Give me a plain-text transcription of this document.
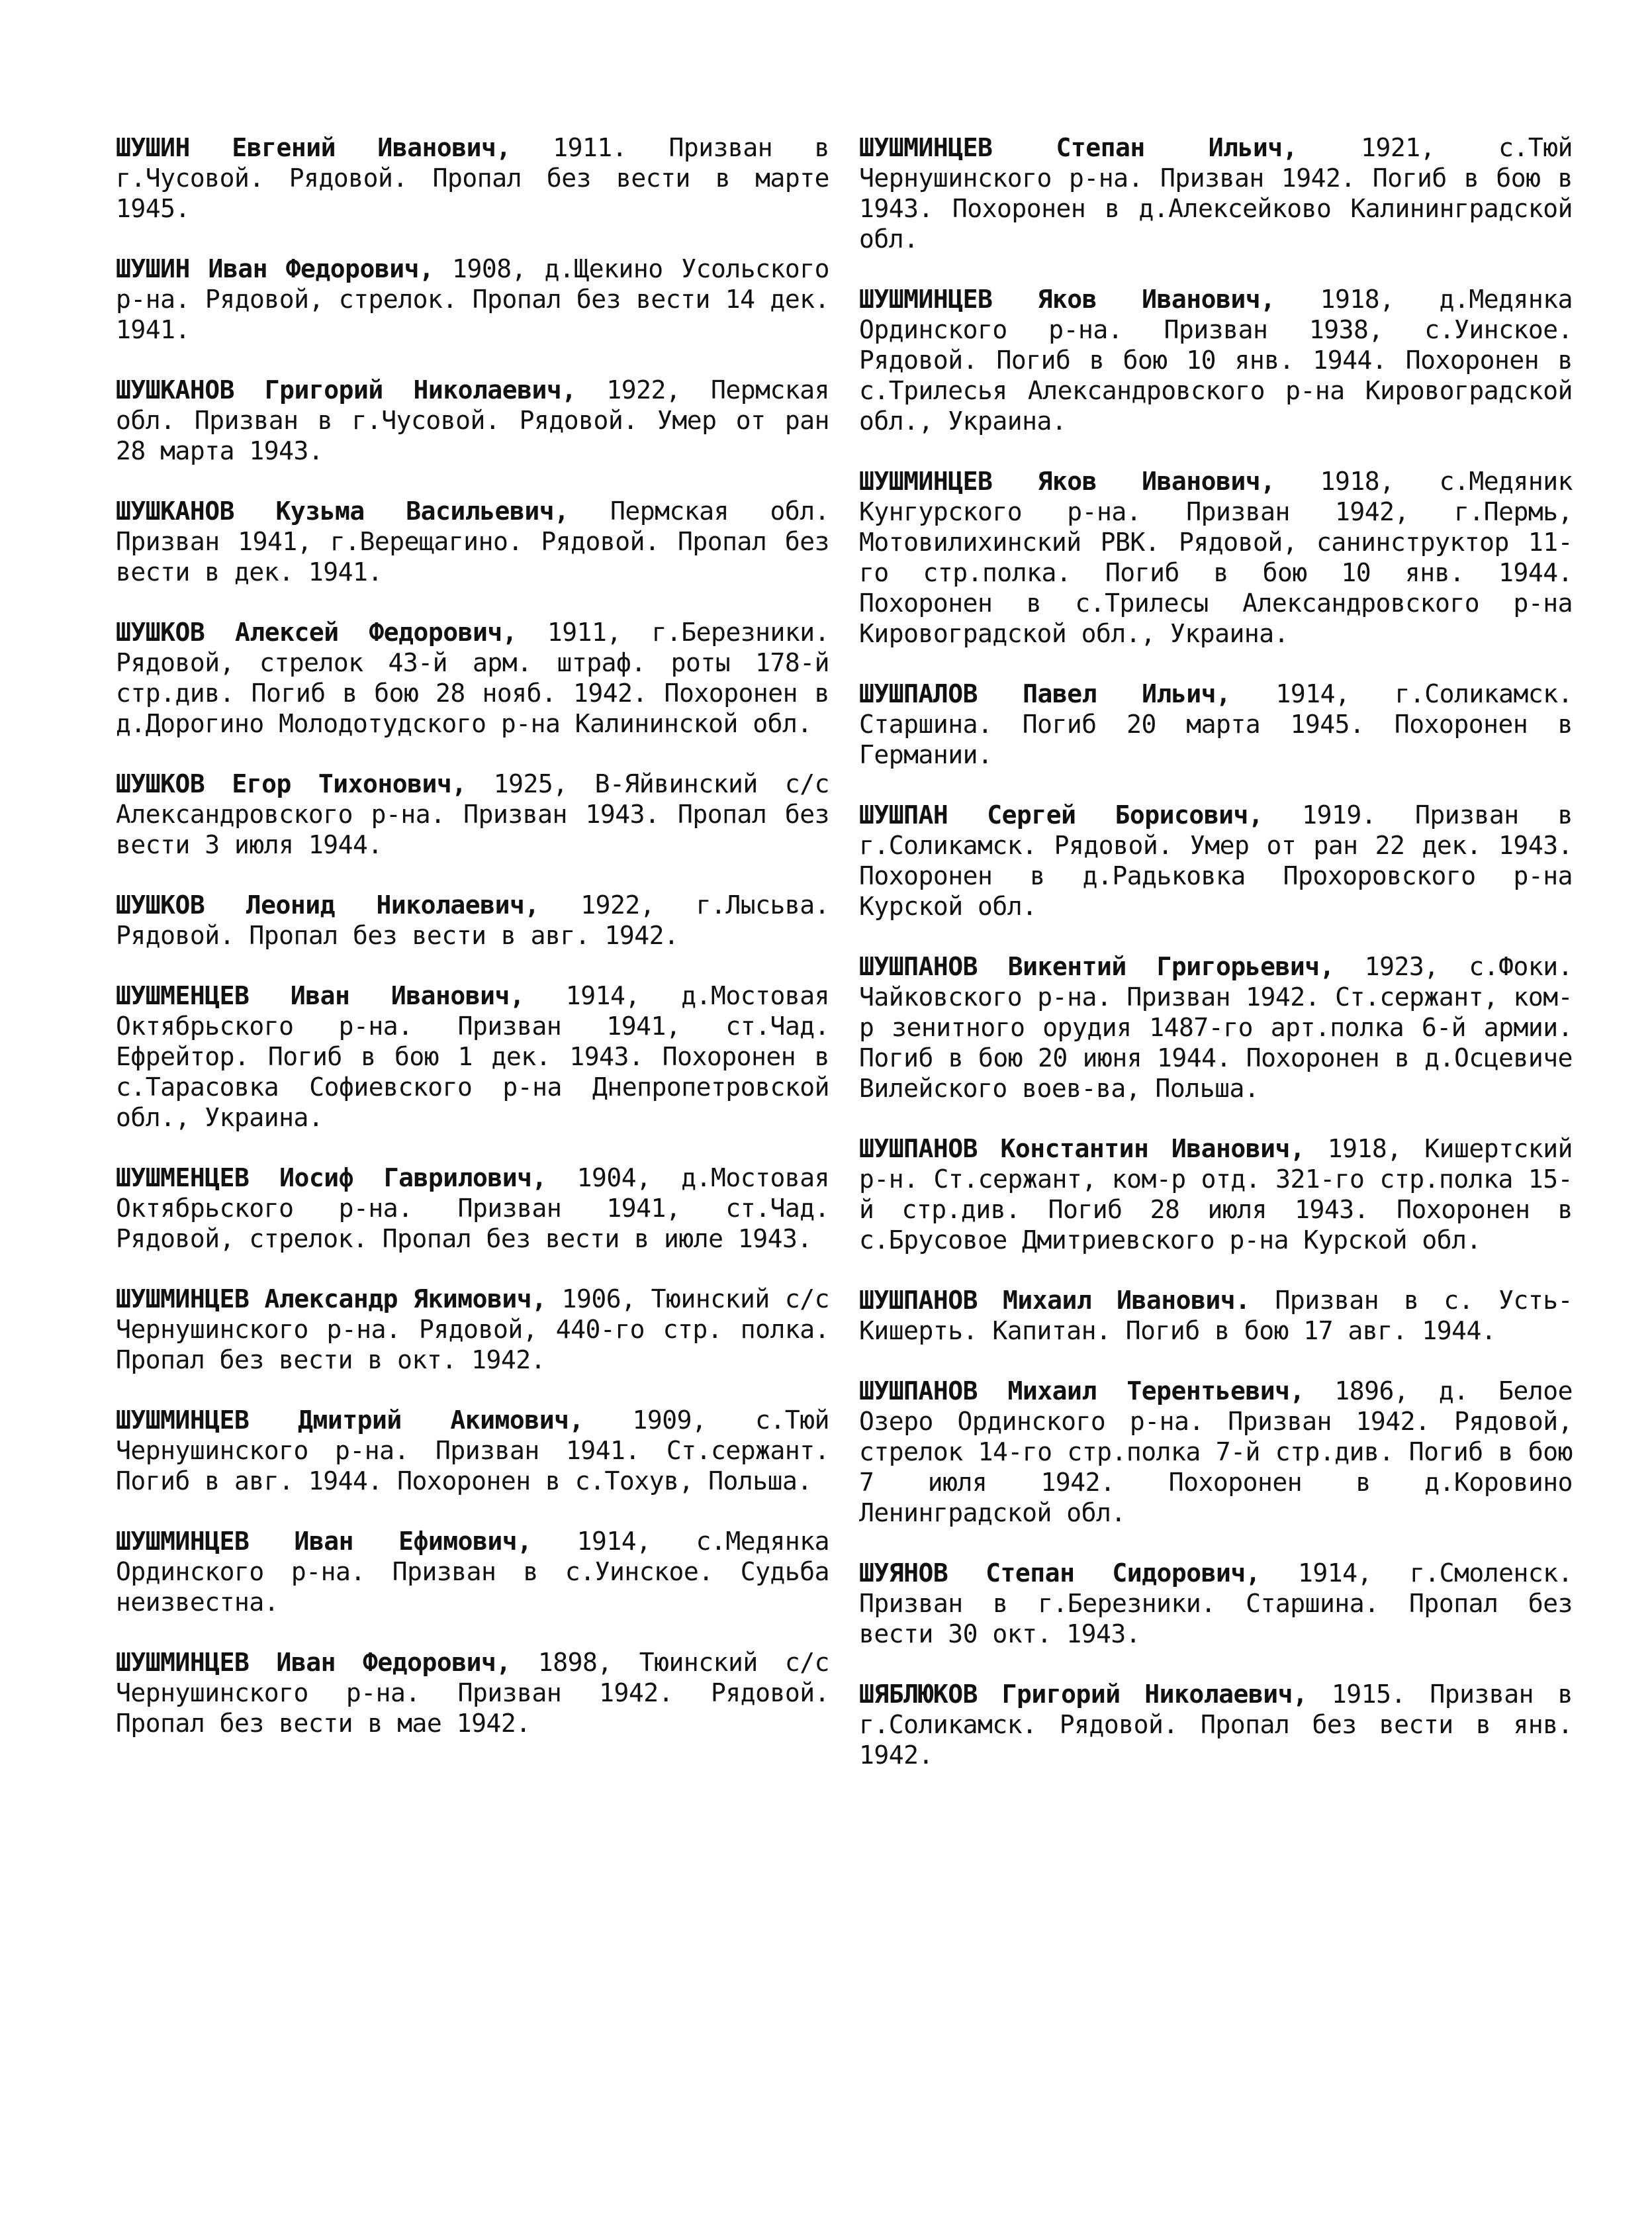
ШУШИН Евгений Иванович, 1911. Призван в г.Чусовой. Рядовой. Пропал без вести в марте 1945.

ШУШИН Иван Федорович, 1908, д.Щекино Усольского р-на. Рядовой, стрелок. Пропал без вести 14 дек. 1941.

ШУШКАНОВ Григорий Николаевич, 1922, Пермская обл. Призван в г.Чусовой. Рядовой. Умер от ран 28 марта 1943.

ШУШКАНОВ Кузьма Васильевич, Пермская обл. Призван 1941, г.Верещагино. Рядовой. Пропал без вести в дек. 1941.

ШУШКОВ Алексей Федорович, 1911, г.Березники. Рядовой, стрелок 43-й арм. штраф. роты 178-й стр.див. Погиб в бою 28 нояб. 1942. Похоронен в д.Дорогино Молодотудского р-на Калининской обл.

ШУШКОВ Егор Тихонович, 1925, В-Яйвинский с/с Александровского р-на. Призван 1943. Пропал без вести 3 июля 1944.

ШУШКОВ Леонид Николаевич, 1922, г.Лысьва. Рядовой. Пропал без вести в авг. 1942.

ШУШМЕНЦЕВ Иван Иванович, 1914, д.Мостовая Октябрьского р-на. Призван 1941, ст.Чад. Ефрейтор. Погиб в бою 1 дек. 1943. Похоронен в с.Тарасовка Софиевского р-на Днепропетровской обл., Украина.

ШУШМЕНЦЕВ Иосиф Гаврилович, 1904, д.Мостовая Октябрьского р-на. Призван 1941, ст.Чад. Рядовой, стрелок. Пропал без вести в июле 1943.

ШУШМИНЦЕВ Александр Якимович, 1906, Тюинский с/с Чернушинского р-на. Рядовой, 440-го стр. полка. Пропал без вести в окт. 1942.

ШУШМИНЦЕВ Дмитрий Акимович, 1909, с.Тюй Чернушинского р-на. Призван 1941. Ст.сержант. Погиб в авг. 1944. Похоронен в с.Тохув, Польша.

ШУШМИНЦЕВ Иван Ефимович, 1914, с.Медянка Ординского р-на. Призван в с.Уинское. Судьба неизвестна.

ШУШМИНЦЕВ Иван Федорович, 1898, Тюинский с/с Чернушинского р-на. Призван 1942. Рядовой. Пропал без вести в мае 1942.

ШУШМИНЦЕВ Степан Ильич, 1921, с.Тюй Чернушинского р-на. Призван 1942. Погиб в бою в 1943. Похоронен в д.Алексейково Калининградской обл.

ШУШМИНЦЕВ Яков Иванович, 1918, д.Медянка Ординского р-на. Призван 1938, с.Уинское. Рядовой. Погиб в бою 10 янв. 1944. Похоронен в с.Трилесья Александровского р-на Кировоградской обл., Украина.

ШУШМИНЦЕВ Яков Иванович, 1918, с.Медяник Кунгурского р-на. Призван 1942, г.Пермь, Мотовилихинский РВК. Рядовой, санинструктор 11-го стр.полка. Погиб в бою 10 янв. 1944. Похоронен в с.Трилесы Александровского р-на Кировоградской обл., Украина.

ШУШПАЛОВ Павел Ильич, 1914, г.Соликамск. Старшина. Погиб 20 марта 1945. Похоронен в Германии.

ШУШПАН Сергей Борисович, 1919. Призван в г.Соликамск. Рядовой. Умер от ран 22 дек. 1943. Похоронен в д.Радьковка Прохоровского р-на Курской обл.

ШУШПАНОВ Викентий Григорьевич, 1923, с.Фоки. Чайковского р-на. Призван 1942. Ст.сержант, ком-р зенитного орудия 1487-го арт.полка 6-й армии. Погиб в бою 20 июня 1944. Похоронен в д.Осцевиче Вилейского воев-ва, Польша.

ШУШПАНОВ Константин Иванович, 1918, Кишертский р-н. Ст.сержант, ком-р отд. 321-го стр.полка 15-й стр.див. Погиб 28 июля 1943. Похоронен в с.Брусовое Дмитриевского р-на Курской обл.

ШУШПАНОВ Михаил Иванович. Призван в с. Усть-Кишерть. Капитан. Погиб в бою 17 авг. 1944.

ШУШПАНОВ Михаил Терентьевич, 1896, д. Белое Озеро Ординского р-на. Призван 1942. Рядовой, стрелок 14-го стр.полка 7-й стр.див. Погиб в бою 7 июля 1942. Похоронен в д.Коровино Ленинградской обл.

ШУЯНОВ Степан Сидорович, 1914, г.Смоленск. Призван в г.Березники. Старшина. Пропал без вести 30 окт. 1943.

ШЯБЛЮКОВ Григорий Николаевич, 1915. Призван в г.Соликамск. Рядовой. Пропал без вести в янв. 1942.
